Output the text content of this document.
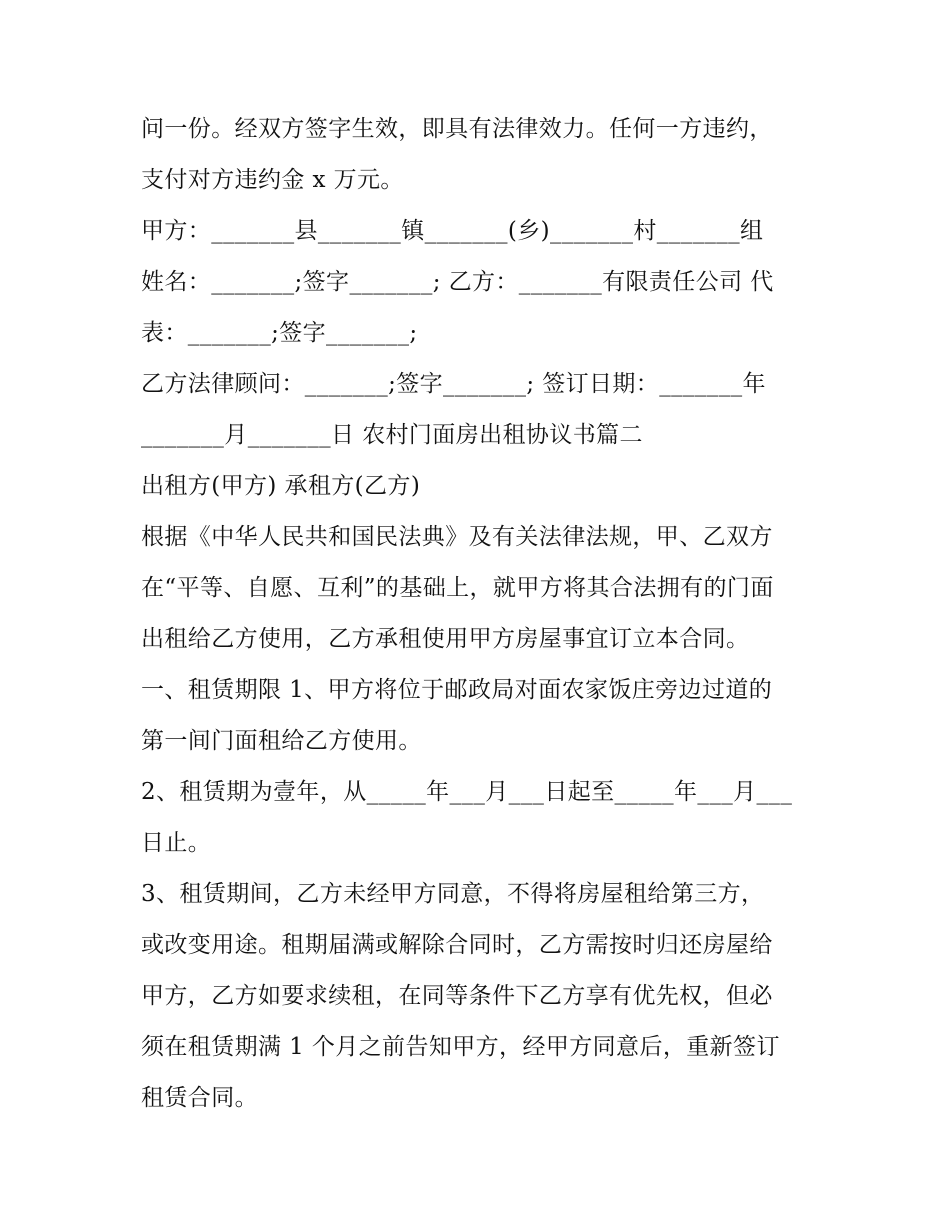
问一份。经双方签字生效，即具有法律效力。任何一方违约，
支付对方违约金 x 万元。
甲方：_______县_______镇_______(乡)_______村_______组
姓名：_______;签字_______; 乙方：_______有限责任公司 代
表：_______;签字_______;
乙方法律顾问：_______;签字_______; 签订日期：_______年
_______月_______日 农村门面房出租协议书篇二
出租方(甲方) 承租方(乙方)
根据《中华人民共和国民法典》及有关法律法规，甲、乙双方
在“平等、自愿、互利”的基础上，就甲方将其合法拥有的门面
出租给乙方使用，乙方承租使用甲方房屋事宜订立本合同。
一、租赁期限 1、甲方将位于邮政局对面农家饭庄旁边过道的
第一间门面租给乙方使用。
2、租赁期为壹年，从_____年___月___日起至_____年___月___
日止。
3、租赁期间，乙方未经甲方同意，不得将房屋租给第三方，
或改变用途。租期届满或解除合同时，乙方需按时归还房屋给
甲方，乙方如要求续租，在同等条件下乙方享有优先权，但必
须在租赁期满 1 个月之前告知甲方，经甲方同意后，重新签订
租赁合同。
